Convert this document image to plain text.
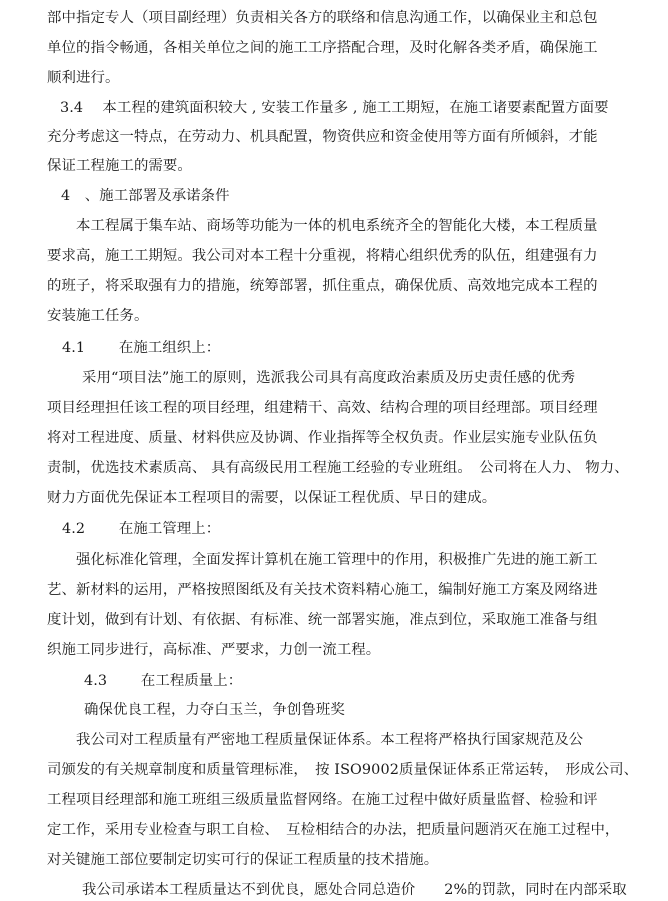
部中指定专人（项目副经理）负责相关各方的联络和信息沟通工作，以确保业主和总包
单位的指令畅通，各相关单位之间的施工工序搭配合理，及时化解各类矛盾，确保施工
顺利进行。
3.4　 本工程的建筑面积较大 , 安装工作量多 , 施工工期短，在施工诸要素配置方面要
充分考虑这一特点，在劳动力、机具配置，物资供应和资金使用等方面有所倾斜，才能
保证工程施工的需要。
4　、施工部署及承诺条件
本工程属于集车站、商场等功能为一体的机电系统齐全的智能化大楼，本工程质量
要求高，施工工期短。我公司对本工程十分重视，将精心组织优秀的队伍，组建强有力
的班子，将采取强有力的措施，统筹部署，抓住重点，确保优质、高效地完成本工程的
安装施工任务。
4.1　　 在施工组织上：
采用“项目法”施工的原则，选派我公司具有高度政治素质及历史责任感的优秀
项目经理担任该工程的项目经理，组建精干、高效、结构合理的项目经理部。项目经理
将对工程进度、质量、材料供应及协调、作业指挥等全权负责。作业层实施专业队伍负
责制，优选技术素质高、 具有高级民用工程施工经验的专业班组。　公司将在人力、 物力、
财力方面优先保证本工程项目的需要，以保证工程优质、早日的建成。
4.2　　 在施工管理上：
强化标准化管理，全面发挥计算机在施工管理中的作用，积极推广先进的施工新工
艺、新材料的运用，严格按照图纸及有关技术资料精心施工，编制好施工方案及网络进
度计划，做到有计划、有依据、有标准、统一部署实施，准点到位，采取施工准备与组
织施工同步进行，高标准、严要求，力创一流工程。
4.3　　 在工程质量上：
确保优良工程，力夺白玉兰，争创鲁班奖
我公司对工程质量有严密地工程质量保证体系。本工程将严格执行国家规范及公
司颁发的有关规章制度和质量管理标准，　按 ISO9002质量保证体系正常运转，　形成公司、
工程项目经理部和施工班组三级质量监督网络。在施工过程中做好质量监督、检验和评
定工作，采用专业检查与职工自检、　互检相结合的办法，把质量问题消灭在施工过程中，
对关键施工部位要制定切实可行的保证工程质量的技术措施。
我公司承诺本工程质量达不到优良，愿处合同总造价　　2%的罚款，同时在内部采取
